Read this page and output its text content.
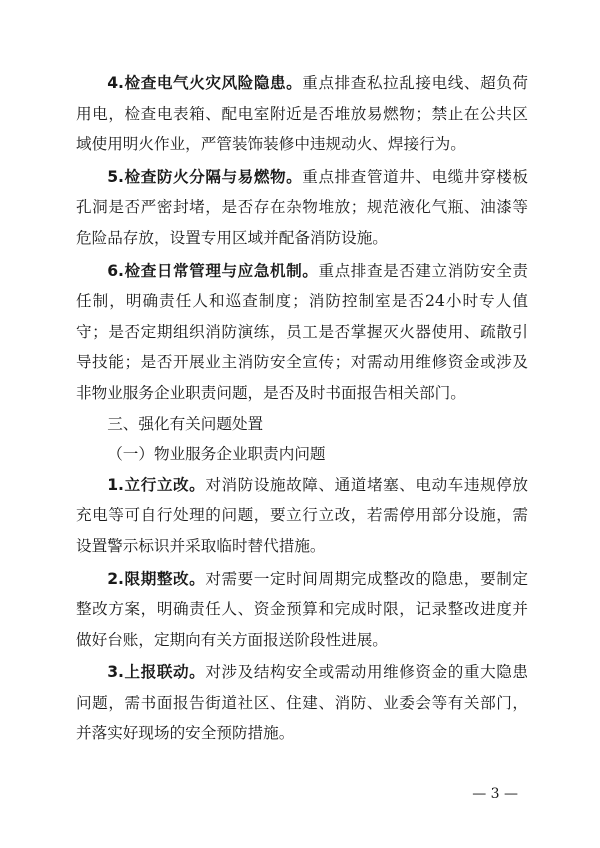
4.检查电气火灾风险隐患。重点排查私拉乱接电线、超负荷用电，检查电表箱、配电室附近是否堆放易燃物；禁止在公共区域使用明火作业，严管装饰装修中违规动火、焊接行为。

5.检查防火分隔与易燃物。重点排查管道井、电缆井穿楼板孔洞是否严密封堵，是否存在杂物堆放；规范液化气瓶、油漆等危险品存放，设置专用区域并配备消防设施。

6.检查日常管理与应急机制。重点排查是否建立消防安全责任制，明确责任人和巡查制度；消防控制室是否24小时专人值守；是否定期组织消防演练，员工是否掌握灭火器使用、疏散引导技能；是否开展业主消防安全宣传；对需动用维修资金或涉及非物业服务企业职责问题，是否及时书面报告相关部门。

三、强化有关问题处置

（一）物业服务企业职责内问题

1.立行立改。对消防设施故障、通道堵塞、电动车违规停放充电等可自行处理的问题，要立行立改，若需停用部分设施，需设置警示标识并采取临时替代措施。

2.限期整改。对需要一定时间周期完成整改的隐患，要制定整改方案，明确责任人、资金预算和完成时限，记录整改进度并做好台账，定期向有关方面报送阶段性进展。

3.上报联动。对涉及结构安全或需动用维修资金的重大隐患问题，需书面报告街道社区、住建、消防、业委会等有关部门，并落实好现场的安全预防措施。

— 3 —
